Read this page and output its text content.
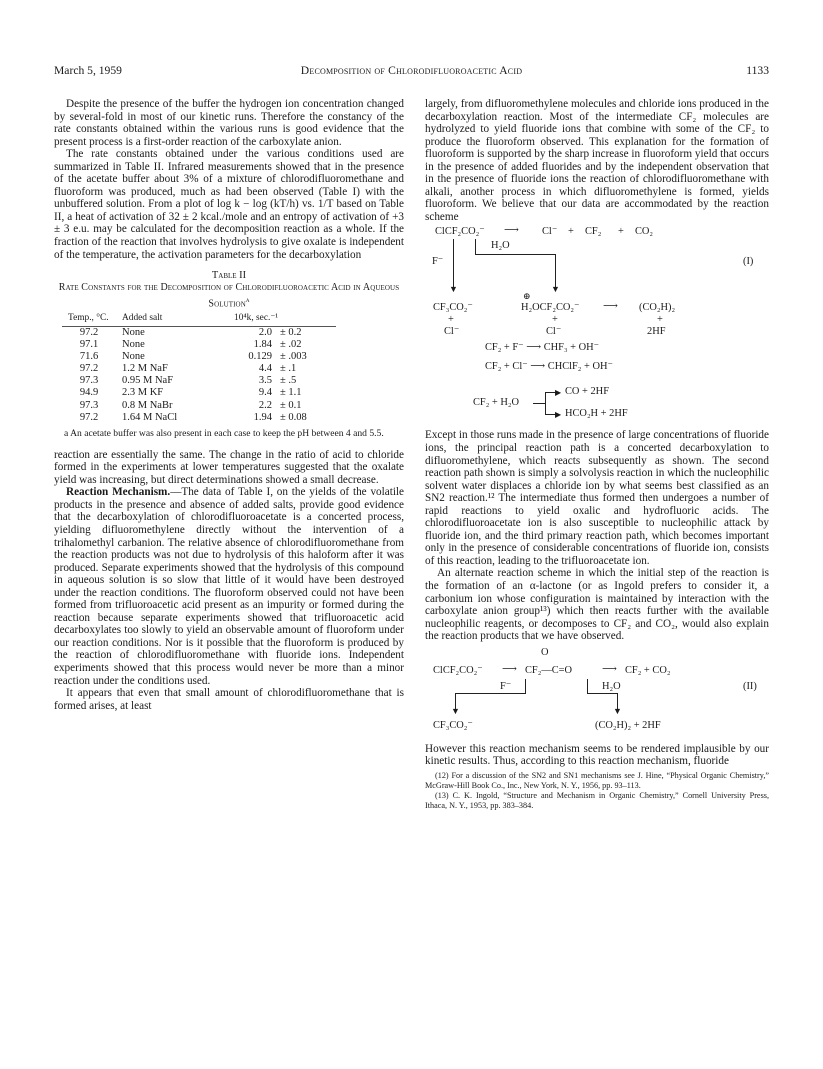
March 5, 1959	Decomposition of Chlorodifluoroacetic Acid	1133

Despite the presence of the buffer the hydrogen ion concentration changed by several-fold in most of our kinetic runs. Therefore the constancy of the rate constants obtained within the various runs is good evidence that the present process is a first-order reaction of the carboxylate anion.

The rate constants obtained under the various conditions used are summarized in Table II. Infrared measurements showed that in the presence of the acetate buffer about 3% of a mixture of chlorodifluoromethane and fluoroform was produced, much as had been observed (Table I) with the unbuffered solution. From a plot of log k − log (kT/h) vs. 1/T based on Table II, a heat of activation of 32 ± 2 kcal./mole and an entropy of activation of +3 ± 3 e.u. may be calculated for the decomposition reaction as a whole. If the fraction of the reaction that involves hydrolysis to give oxalate is independent of the temperature, the activation parameters for the decarboxylation

Table II
Rate Constants for the Decomposition of Chlorodifluoroacetic Acid in Aqueous Solution$^a$
Temp., °C.	Added salt	10⁴k, sec.⁻¹	
97.2	None	2.0	± 0.2
97.1	None	1.84	± .02
71.6	None	0.129	± .003
97.2	1.2 M NaF	4.4	± .1
97.3	0.95 M NaF	3.5	± .5
94.9	2.3 M KF	9.4	± 1.1
97.3	0.8 M NaBr	2.2	± 0.1
97.2	1.64 M NaCl	1.94	± 0.08
a An acetate buffer was also present in each case to keep the pH between 4 and 5.5.

reaction are essentially the same. The change in the ratio of acid to chloride formed in the experiments at lower temperatures suggested that the oxalate yield was increasing, but direct determinations showed a small decrease.

Reaction Mechanism.—The data of Table I, on the yields of the volatile products in the presence and absence of added salts, provide good evidence that the decarboxylation of chlorodifluoroacetate is a concerted process, yielding difluoromethylene directly without the intervention of a trihalomethyl carbanion. The relative absence of chlorodifluoromethane from the reaction products was not due to hydrolysis of this haloform after it was produced. Separate experiments showed that the hydrolysis of this compound in aqueous solution is so slow that little of it would have been destroyed under the reaction conditions. The fluoroform observed could not have been formed from trifluoroacetic acid present as an impurity or formed during the reaction because separate experiments showed that trifluoroacetic acid decarboxylates too slowly to yield an observable amount of fluoroform under our reaction conditions. Nor is it possible that the fluoroform is produced by the reaction of chlorodifluoromethane with fluoride ions. Independent experiments showed that this process would never be more than a minor reaction under the conditions used.

It appears that even that small amount of chlorodifluoromethane that is formed arises, at least

largely, from difluoromethylene molecules and chloride ions produced in the decarboxylation reaction. Most of the intermediate CF₂ molecules are hydrolyzed to yield fluoride ions that combine with some of the CF₂ to produce the fluoroform observed. This explanation for the formation of fluoroform is supported by the sharp increase in fluoroform yield that occurs in the presence of added fluorides and by the independent observation that in the presence of fluoride ions the reaction of chlorodifluoromethane with alkali, another process in which difluoromethylene is formed, yields fluoroform. We believe that our data are accommodated by the reaction scheme

ClCF₂CO₂⁻ ⟶ Cl⁻ + CF₂ + CO₂
H₂O
F⁻	(I)
▼	▼
⊕
CF₃CO₂⁻	H₂OCF₂CO₂⁻ ⟶ (CO₂H)₂
+	+	+
Cl⁻	Cl⁻	2HF
CF₂ + F⁻ ⟶ CHF₃ + OH⁻
CF₂ + Cl⁻ ⟶ CHClF₂ + OH⁻
CF₂ + H₂O
CO + 2HF
HCO₂H + 2HF
▶
▶

Except in those runs made in the presence of large concentrations of fluoride ions, the principal reaction path is a concerted decarboxylation to difluoromethylene, which reacts subsequently as shown. The second reaction path shown is simply a solvolysis reaction in which the nucleophilic solvent water displaces a chloride ion by what seems best classified as an SN2 reaction.¹² The intermediate thus formed then undergoes a number of rapid reactions to yield oxalic and hydrofluoric acids. The chlorodifluoroacetate ion is also susceptible to nucleophilic attack by fluoride ion, and the third primary reaction path, which becomes important only in the presence of considerable concentrations of fluoride ion, consists of this reaction, leading to the trifluoroacetate ion.

An alternate reaction scheme in which the initial step of the reaction is the formation of an α-lactone (or as Ingold prefers to consider it, a carbonium ion whose configuration is maintained by interaction with the carboxylate anion group¹³) which then reacts further with the available nucleophilic reagents, or decomposes to CF₂ and CO₂, would also explain the reaction products that we have observed.

O
ClCF₂CO₂⁻ ⟶ CF₂—C=O	⟶ CF₂ + CO₂
F⁻	H₂O	(II)
▼	▼
CF₃CO₂⁻	(CO₂H)₂ + 2HF

However this reaction mechanism seems to be rendered implausible by our kinetic results. Thus, according to this reaction mechanism, fluoride

(12) For a discussion of the SN2 and SN1 mechanisms see J. Hine, “Physical Organic Chemistry,” McGraw-Hill Book Co., Inc., New York, N. Y., 1956, pp. 93–113.
(13) C. K. Ingold, “Structure and Mechanism in Organic Chemistry,” Cornell University Press, Ithaca, N. Y., 1953, pp. 383–384.
